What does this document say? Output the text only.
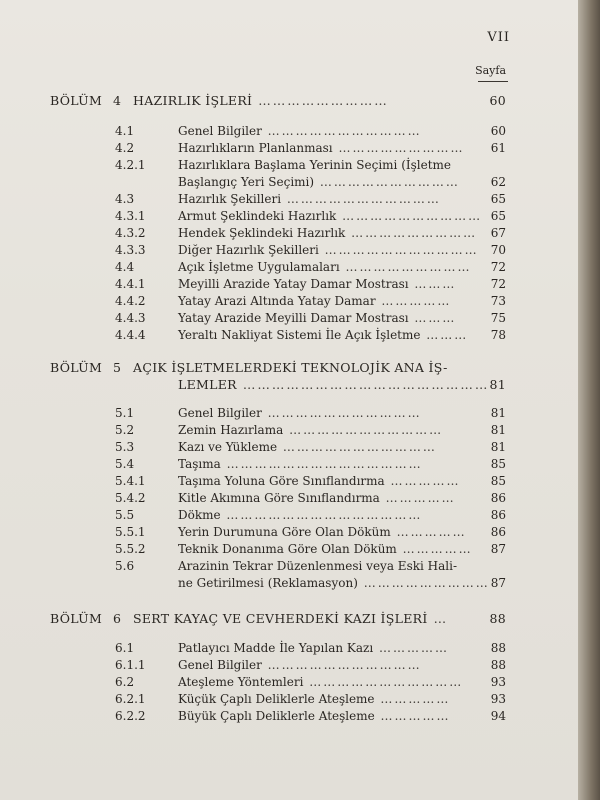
VII
Sayfa
BÖLÜM 4 HAZIRLIK İŞLERİ ………………………	60
4.1	Genel Bilgiler ……………………………	60
4.2	Hazırlıkların Planlanması ………………………	61
4.2.1	Hazırlıklara Başlama Yerinin Seçimi (İşletme
Başlangıç Yeri Seçimi) …………………………	62
4.3	Hazırlık Şekilleri ……………………………	65
4.3.1	Armut Şeklindeki Hazırlık ………………………… 65
4.3.2	Hendek Şeklindeki Hazırlık ………………………	67
4.3.3	Diğer Hazırlık Şekilleri ……………………………	70
4.4	Açık İşletme Uygulamaları ………………………	72
4.4.1	Meyilli Arazide Yatay Damar Mostrası ………	72
4.4.2	Yatay Arazi Altında Yatay Damar ……………	73
4.4.3	Yatay Arazide Meyilli Damar Mostrası ………	75
4.4.4	Yeraltı Nakliyat Sistemi İle Açık İşletme ………	78
BÖLÜM 5 AÇIK İŞLETMELERDEKİ TEKNOLOJİK ANA İŞ-
LEMLER …………………………………………… 81
5.1	Genel Bilgiler ……………………………	81
5.2	Zemin Hazırlama ……………………………	81
5.3	Kazı ve Yükleme ……………………………	81
5.4	Taşıma ……………………………………	85
5.4.1	Taşıma Yoluna Göre Sınıflandırma ……………	85
5.4.2	Kitle Akımına Göre Sınıflandırma ……………	86
5.5	Dökme ……………………………………	86
5.5.1	Yerin Durumuna Göre Olan Döküm ……………	86
5.5.2	Teknik Donanıma Göre Olan Döküm ……………	87
5.6	Arazinin Tekrar Düzenlenmesi veya Eski Hali-
ne Getirilmesi (Reklamasyon) ……………………… 87
BÖLÜM 6 SERT KAYAÇ VE CEVHERDEKİ KAZI İŞLERİ …	88
6.1	Patlayıcı Madde İle Yapılan Kazı ……………	88
6.1.1	Genel Bilgiler ……………………………	88
6.2	Ateşleme Yöntemleri ……………………………	93
6.2.1	Küçük Çaplı Deliklerle Ateşleme ……………	93
6.2.2	Büyük Çaplı Deliklerle Ateşleme ……………	94
